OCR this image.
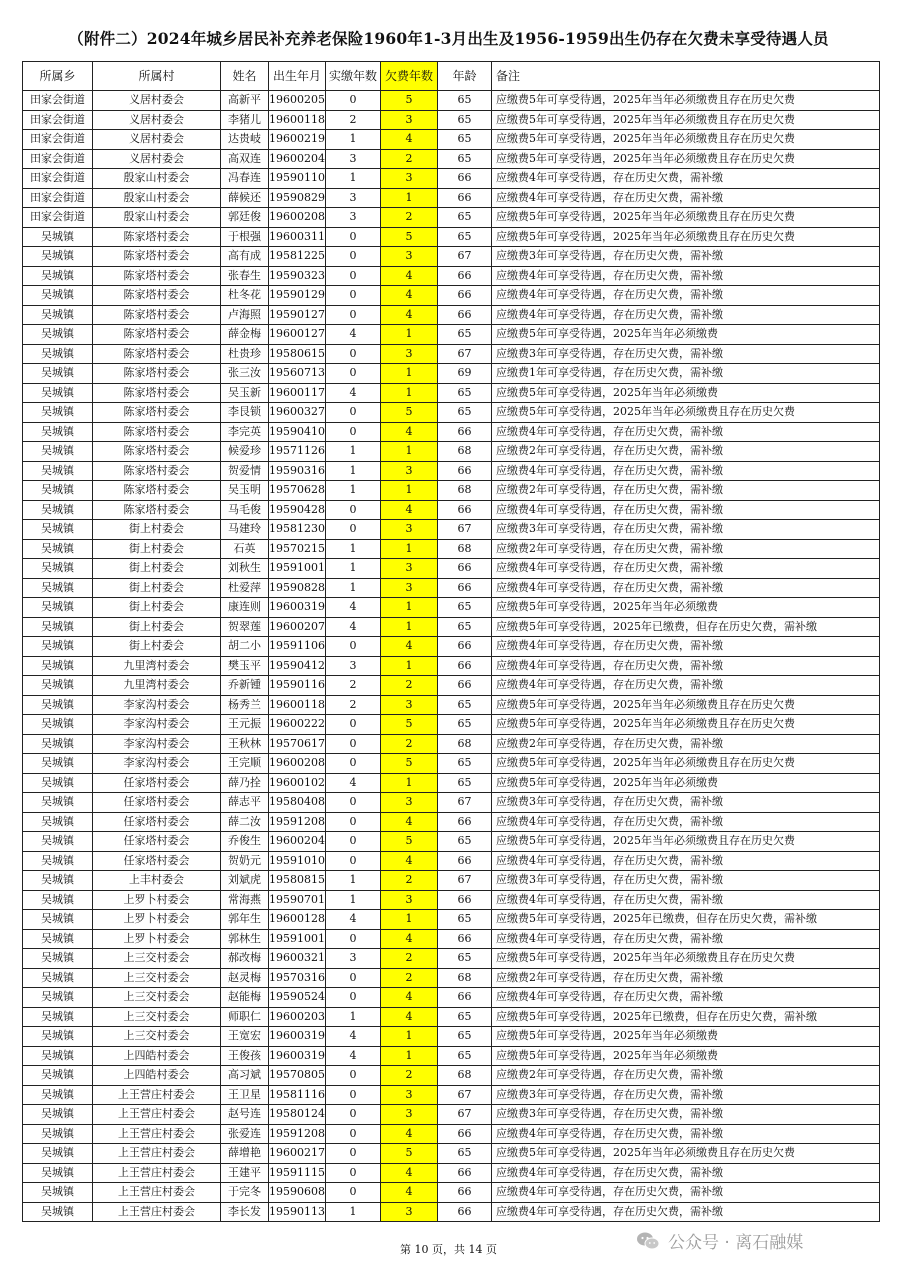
（附件二）2024年城乡居民补充养老保险1960年1-3月出生及1956-1959出生仍存在欠费未享受待遇人员
所属乡	所属村	姓名	出生年月	实缴年数	欠费年数	年龄	备注
田家会街道	义居村委会	高新平	19600205	0	5	65	应缴费5年可享受待遇，2025年当年必须缴费且存在历史欠费
田家会街道	义居村委会	李猪儿	19600118	2	3	65	应缴费5年可享受待遇，2025年当年必须缴费且存在历史欠费
田家会街道	义居村委会	达贵岐	19600219	1	4	65	应缴费5年可享受待遇，2025年当年必须缴费且存在历史欠费
田家会街道	义居村委会	高双连	19600204	3	2	65	应缴费5年可享受待遇，2025年当年必须缴费且存在历史欠费
田家会街道	殷家山村委会	冯春连	19590110	1	3	66	应缴费4年可享受待遇，存在历史欠费，需补缴
田家会街道	殷家山村委会	薛候还	19590829	3	1	66	应缴费4年可享受待遇，存在历史欠费，需补缴
田家会街道	殷家山村委会	郭廷俊	19600208	3	2	65	应缴费5年可享受待遇，2025年当年必须缴费且存在历史欠费
吴城镇	陈家塔村委会	于根强	19600311	0	5	65	应缴费5年可享受待遇，2025年当年必须缴费且存在历史欠费
吴城镇	陈家塔村委会	高有成	19581225	0	3	67	应缴费3年可享受待遇，存在历史欠费，需补缴
吴城镇	陈家塔村委会	张春生	19590323	0	4	66	应缴费4年可享受待遇，存在历史欠费，需补缴
吴城镇	陈家塔村委会	杜冬花	19590129	0	4	66	应缴费4年可享受待遇，存在历史欠费，需补缴
吴城镇	陈家塔村委会	卢海照	19590127	0	4	66	应缴费4年可享受待遇，存在历史欠费，需补缴
吴城镇	陈家塔村委会	薛金梅	19600127	4	1	65	应缴费5年可享受待遇，2025年当年必须缴费
吴城镇	陈家塔村委会	杜贵珍	19580615	0	3	67	应缴费3年可享受待遇，存在历史欠费，需补缴
吴城镇	陈家塔村委会	张三汝	19560713	0	1	69	应缴费1年可享受待遇，存在历史欠费，需补缴
吴城镇	陈家塔村委会	吴玉新	19600117	4	1	65	应缴费5年可享受待遇，2025年当年必须缴费
吴城镇	陈家塔村委会	李艮锁	19600327	0	5	65	应缴费5年可享受待遇，2025年当年必须缴费且存在历史欠费
吴城镇	陈家塔村委会	李完英	19590410	0	4	66	应缴费4年可享受待遇，存在历史欠费，需补缴
吴城镇	陈家塔村委会	候爱珍	19571126	1	1	68	应缴费2年可享受待遇，存在历史欠费，需补缴
吴城镇	陈家塔村委会	贺爱情	19590316	1	3	66	应缴费4年可享受待遇，存在历史欠费，需补缴
吴城镇	陈家塔村委会	吴玉明	19570628	1	1	68	应缴费2年可享受待遇，存在历史欠费，需补缴
吴城镇	陈家塔村委会	马毛俊	19590428	0	4	66	应缴费4年可享受待遇，存在历史欠费，需补缴
吴城镇	街上村委会	马建玲	19581230	0	3	67	应缴费3年可享受待遇，存在历史欠费，需补缴
吴城镇	街上村委会	石英	19570215	1	1	68	应缴费2年可享受待遇，存在历史欠费，需补缴
吴城镇	街上村委会	刘秋生	19591001	1	3	66	应缴费4年可享受待遇，存在历史欠费，需补缴
吴城镇	街上村委会	杜爱萍	19590828	1	3	66	应缴费4年可享受待遇，存在历史欠费，需补缴
吴城镇	街上村委会	康连则	19600319	4	1	65	应缴费5年可享受待遇，2025年当年必须缴费
吴城镇	街上村委会	贺翠莲	19600207	4	1	65	应缴费5年可享受待遇，2025年已缴费，但存在历史欠费，需补缴
吴城镇	街上村委会	胡二小	19591106	0	4	66	应缴费4年可享受待遇，存在历史欠费，需补缴
吴城镇	九里湾村委会	樊玉平	19590412	3	1	66	应缴费4年可享受待遇，存在历史欠费，需补缴
吴城镇	九里湾村委会	乔新锺	19590116	2	2	66	应缴费4年可享受待遇，存在历史欠费，需补缴
吴城镇	李家沟村委会	杨秀兰	19600118	2	3	65	应缴费5年可享受待遇，2025年当年必须缴费且存在历史欠费
吴城镇	李家沟村委会	王元振	19600222	0	5	65	应缴费5年可享受待遇，2025年当年必须缴费且存在历史欠费
吴城镇	李家沟村委会	王秋林	19570617	0	2	68	应缴费2年可享受待遇，存在历史欠费，需补缴
吴城镇	李家沟村委会	王完顺	19600208	0	5	65	应缴费5年可享受待遇，2025年当年必须缴费且存在历史欠费
吴城镇	任家塔村委会	薛乃拴	19600102	4	1	65	应缴费5年可享受待遇，2025年当年必须缴费
吴城镇	任家塔村委会	薛志平	19580408	0	3	67	应缴费3年可享受待遇，存在历史欠费，需补缴
吴城镇	任家塔村委会	薛二汝	19591208	0	4	66	应缴费4年可享受待遇，存在历史欠费，需补缴
吴城镇	任家塔村委会	乔俊生	19600204	0	5	65	应缴费5年可享受待遇，2025年当年必须缴费且存在历史欠费
吴城镇	任家塔村委会	贺奶元	19591010	0	4	66	应缴费4年可享受待遇，存在历史欠费，需补缴
吴城镇	上丰村委会	刘斌虎	19580815	1	2	67	应缴费3年可享受待遇，存在历史欠费，需补缴
吴城镇	上罗卜村委会	常海燕	19590701	1	3	66	应缴费4年可享受待遇，存在历史欠费，需补缴
吴城镇	上罗卜村委会	郭年生	19600128	4	1	65	应缴费5年可享受待遇，2025年已缴费，但存在历史欠费，需补缴
吴城镇	上罗卜村委会	郭林生	19591001	0	4	66	应缴费4年可享受待遇，存在历史欠费，需补缴
吴城镇	上三交村委会	郝改梅	19600321	3	2	65	应缴费5年可享受待遇，2025年当年必须缴费且存在历史欠费
吴城镇	上三交村委会	赵灵梅	19570316	0	2	68	应缴费2年可享受待遇，存在历史欠费，需补缴
吴城镇	上三交村委会	赵能梅	19590524	0	4	66	应缴费4年可享受待遇，存在历史欠费，需补缴
吴城镇	上三交村委会	师职仁	19600203	1	4	65	应缴费5年可享受待遇，2025年已缴费，但存在历史欠费，需补缴
吴城镇	上三交村委会	王宽宏	19600319	4	1	65	应缴费5年可享受待遇，2025年当年必须缴费
吴城镇	上四皓村委会	王俊孩	19600319	4	1	65	应缴费5年可享受待遇，2025年当年必须缴费
吴城镇	上四皓村委会	高习斌	19570805	0	2	68	应缴费2年可享受待遇，存在历史欠费，需补缴
吴城镇	上王营庄村委会	王卫星	19581116	0	3	67	应缴费3年可享受待遇，存在历史欠费，需补缴
吴城镇	上王营庄村委会	赵号连	19580124	0	3	67	应缴费3年可享受待遇，存在历史欠费，需补缴
吴城镇	上王营庄村委会	张爱连	19591208	0	4	66	应缴费4年可享受待遇，存在历史欠费，需补缴
吴城镇	上王营庄村委会	薛增艳	19600217	0	5	65	应缴费5年可享受待遇，2025年当年必须缴费且存在历史欠费
吴城镇	上王营庄村委会	王建平	19591115	0	4	66	应缴费4年可享受待遇，存在历史欠费，需补缴
吴城镇	上王营庄村委会	于完冬	19590608	0	4	66	应缴费4年可享受待遇，存在历史欠费，需补缴
吴城镇	上王营庄村委会	李长发	19590113	1	3	66	应缴费4年可享受待遇，存在历史欠费，需补缴
第 10 页，共 14 页	公众号 · 离石融媒
